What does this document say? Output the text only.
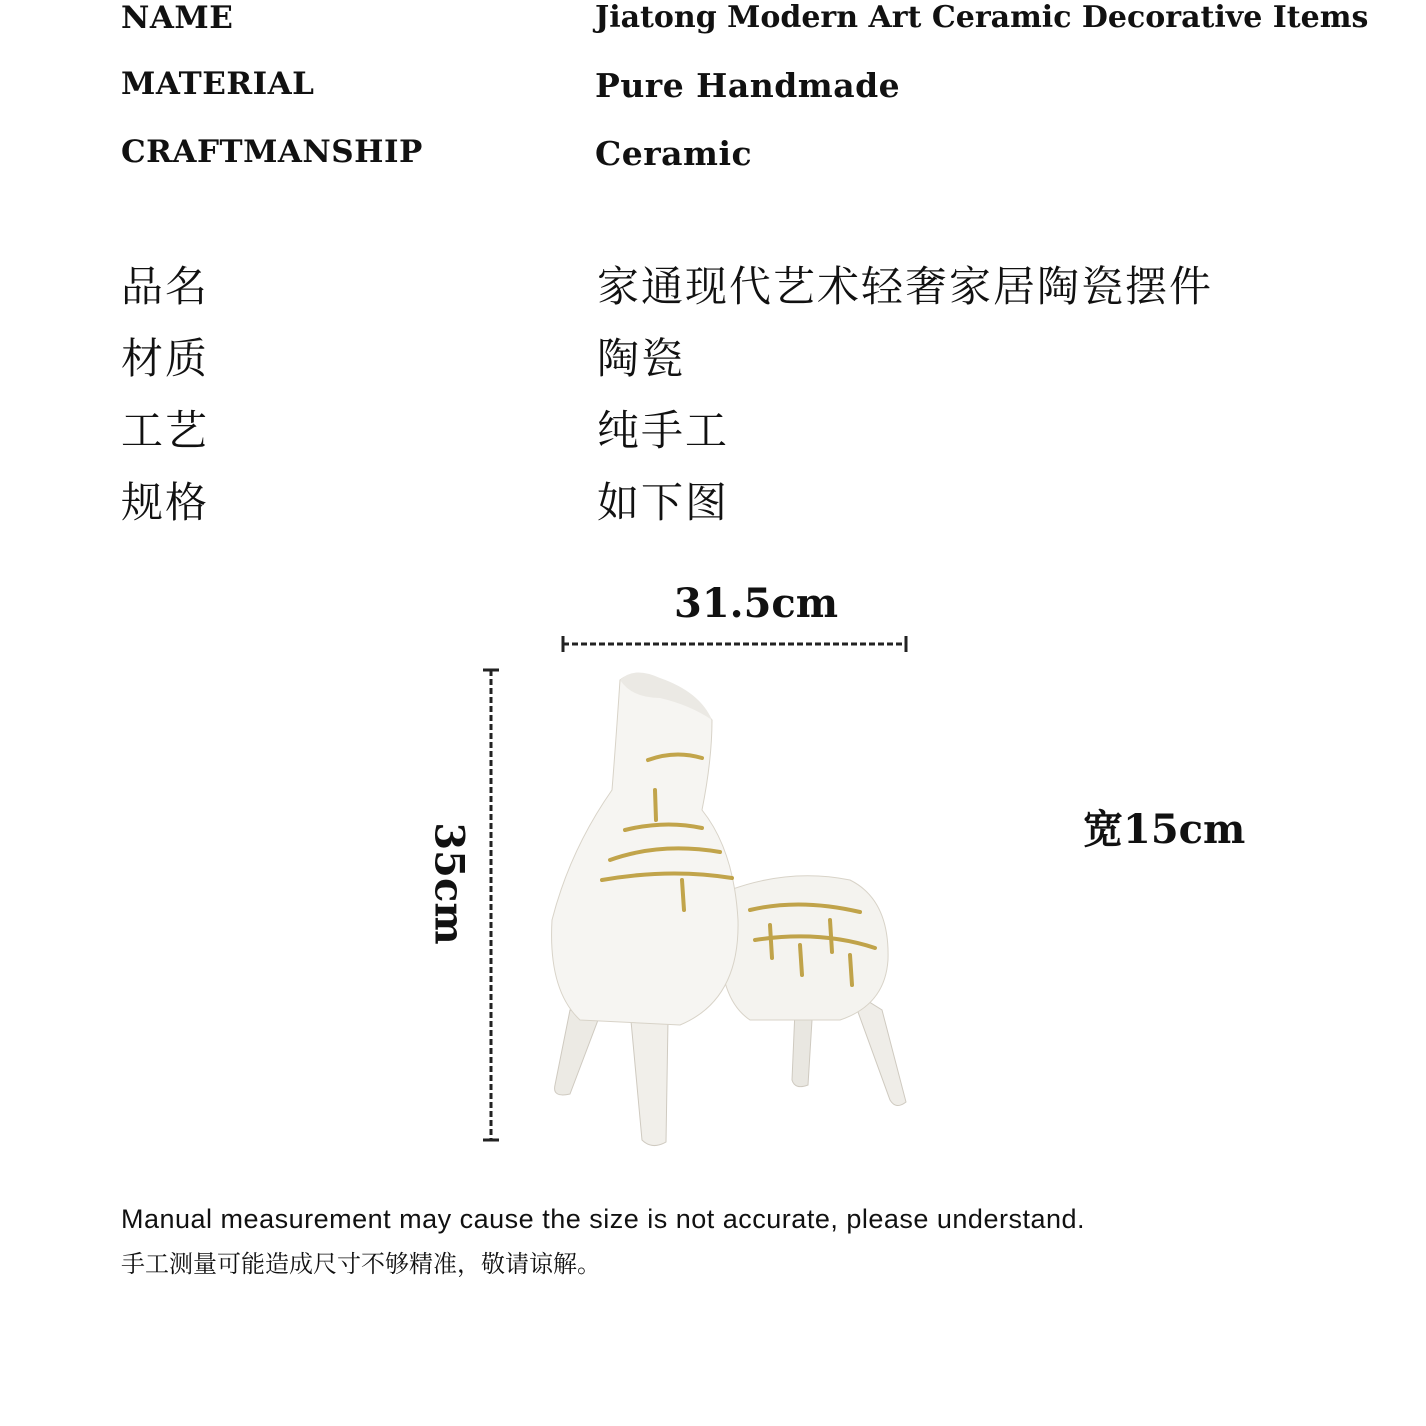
NAME	Jiatong Modern Art Ceramic Decorative Items
MATERIAL	Pure Handmade
CRAFTMANSHIP	Ceramic
品名	家通现代艺术轻奢家居陶瓷摆件
材质	陶瓷
工艺	纯手工
规格	如下图
31.5cm
35cm	宽15cm
Manual measurement may cause the size is not accurate, please understand.
手工测量可能造成尺寸不够精准，敬请谅解。
